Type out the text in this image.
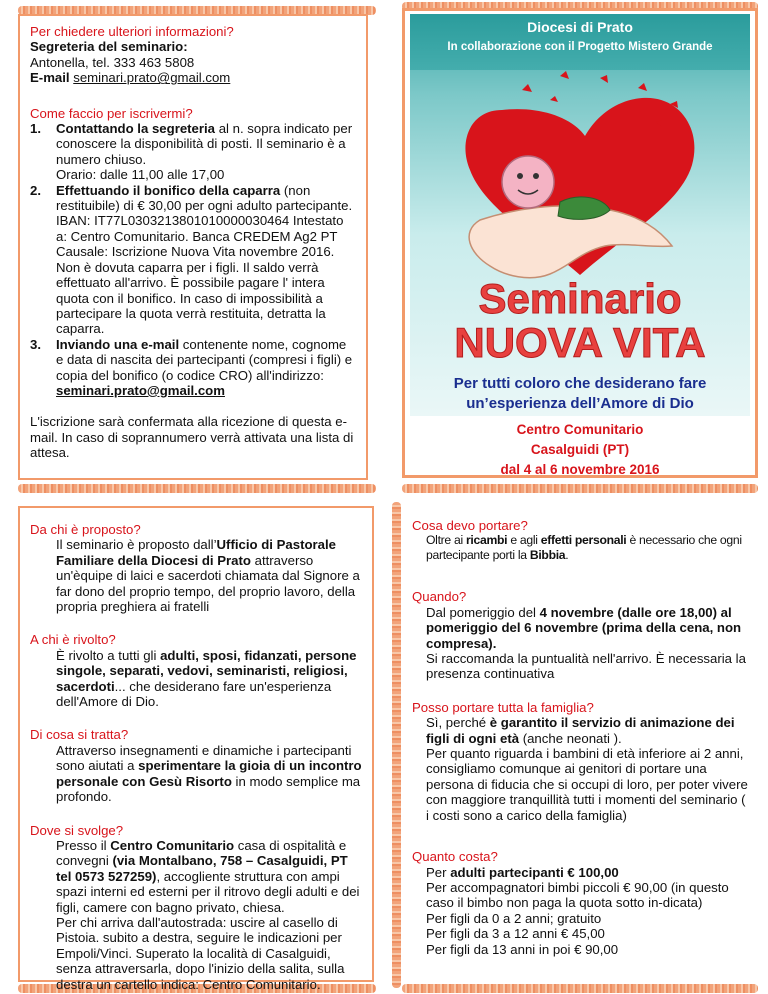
Per chiedere ulteriori informazioni?
Segreteria del seminario:
Antonella, tel. 333 463 5808
E-mail seminari.prato@gmail.com
Come faccio per iscrivermi?
1. Contattando la segreteria al n. sopra indicato per conoscere la disponibilità di posti. Il seminario è a numero chiuso.
Orario: dalle 11,00 alle 17,00
2. Effettuando il bonifico della caparra (non restituibile) di € 30,00 per ogni adulto partecipante. IBAN: IT77L0303213801010000030464 Intestato a: Centro Comunitario. Banca CREDEM Ag2 PT Causale: Iscrizione Nuova Vita novembre 2016. Non è dovuta caparra per i figli. Il saldo verrà effettuato all'arrivo. È possibile pagare l' intera quota con il bonifico. In caso di impossibilità a partecipare la quota verrà restituita, detratta la caparra.
3. Inviando una e-mail contenente nome, cognome e data di nascita dei partecipanti (compresi i figli) e copia del bonifico (o codice CRO) all'indirizzo: seminari.prato@gmail.com
L'iscrizione sarà confermata alla ricezione di questa e-mail. In caso di soprannumero verrà attivata una lista di attesa.
Diocesi di Prato
In collaborazione con il Progetto Mistero Grande
Seminario
NUOVA VITA
Per tutti coloro che desiderano fare
un’esperienza dell’Amore di Dio
Centro Comunitario
Casalguidi (PT)
dal 4 al 6 novembre 2016
Da chi è proposto?
Il seminario è proposto dall’Ufficio di Pastorale Familiare della Diocesi di Prato attraverso un'èquipe di laici e sacerdoti chiamata dal Signore a far dono del proprio tempo, del proprio lavoro, della propria preghiera ai fratelli
A chi è rivolto?
È rivolto a tutti gli adulti, sposi, fidanzati, persone singole, separati, vedovi, seminaristi, religiosi, sacerdoti... che desiderano fare un'esperienza dell'Amore di Dio.
Di cosa si tratta?
Attraverso insegnamenti e dinamiche i partecipanti sono aiutati a sperimentare la gioia di un incontro personale con Gesù Risorto in modo semplice ma profondo.
Dove si svolge?
Presso il Centro Comunitario casa di ospitalità e convegni (via Montalbano, 758 – Casalguidi, PT tel 0573 527259), accogliente struttura con ampi spazi interni ed esterni per il ritrovo degli adulti e dei figli, camere con bagno privato, chiesa.
Per chi arriva dall'autostrada: uscire al casello di Pistoia. subito a destra, seguire le indicazioni per Empoli/Vinci. Superato la località di Casalguidi, senza attraversarla, dopo l'inizio della salita, sulla destra un cartello indica: Centro Comunitario.
Cosa devo portare?
Oltre ai ricambi e agli effetti personali è necessario che ogni partecipante porti la Bibbia.
Quando?
Dal pomeriggio del 4 novembre (dalle ore 18,00) al pomeriggio del 6 novembre (prima della cena, non compresa).
Si raccomanda la puntualità nell'arrivo. È necessaria la presenza continuativa
Posso portare tutta la famiglia?
Sì, perché è garantito il servizio di animazione dei figli di ogni età (anche neonati ).
Per quanto riguarda i bambini di età inferiore ai 2 anni, consigliamo comunque ai genitori di portare una persona di fiducia che si occupi di loro, per poter vivere con maggiore tranquillità tutti i momenti del seminario ( i costi sono a carico della famiglia)
Quanto costa?
Per adulti partecipanti € 100,00
Per accompagnatori bimbi piccoli € 90,00 (in questo caso il bimbo non paga la quota sotto in-dicata)
Per figli da 0 a 2 anni; gratuito
Per figli da 3 a 12 anni € 45,00
Per figli da 13 anni in poi € 90,00
